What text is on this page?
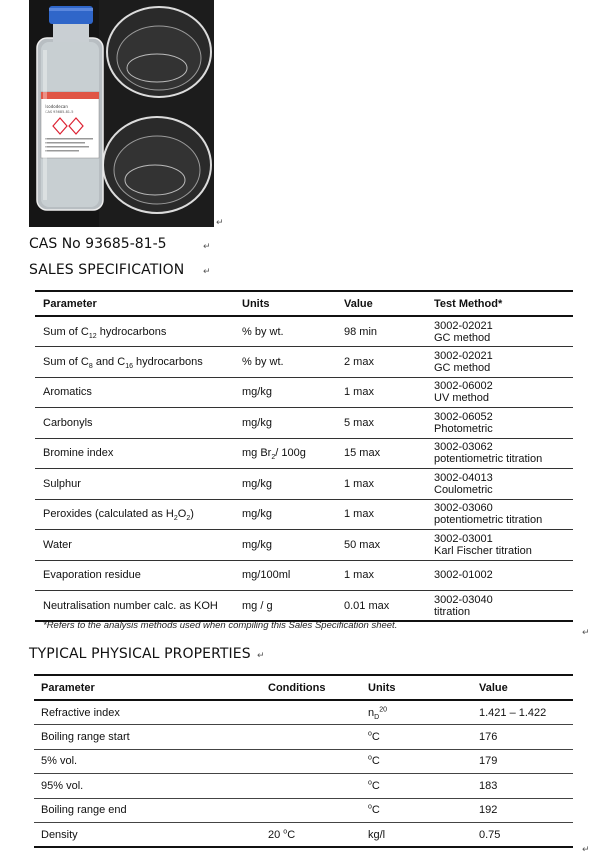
Isododecan
CAS 93685-81-5
↵
CAS No 93685-81-5	↵
SALES SPECIFICATION ↵
Parameter	Units	Value	Test Method*
Sum of $C_{12}$ hydrocarbons	% by wt.	98 min	3002-02021
GC method

Sum of $C_8$ and $C_{16}$ hydrocarbons	% by wt.	2 max	3002-02021
GC method

Aromatics	mg/kg	1 max	3002-06002
UV method

Carbonyls	mg/kg	5 max	3002-06052
Photometric

Bromine index	mg $Br_2/$ 100g	15 max	3002-03062
potentiometric titration

Sulphur	mg/kg	1 max	3002-04013
Coulometric

Peroxides (calculated as $H_2O_2$)	mg/kg	1 max	3002-03060
potentiometric titration

Water	mg/kg	50 max	3002-03001
Karl Fischer titration

Evaporation residue	mg/100ml	1 max	3002-01002

Neutralisation number calc. as KOH	mg / g	0.01 max	3002-03040
titration
*Refers to the analysis methods used when compiling this Sales Specification sheet.
↵
TYPICAL PHYSICAL PROPERTIES ↵
Parameter	Conditions	Units	Value
Refractive index		$n_D^{20}$	1.421 – 1.422
Boiling range start		$^o$C	176
5% vol.		$^o$C	179
95% vol.		$^o$C	183
Boiling range end		$^o$C	192
Density	20 $^o$C	kg/l	0.75
↵
